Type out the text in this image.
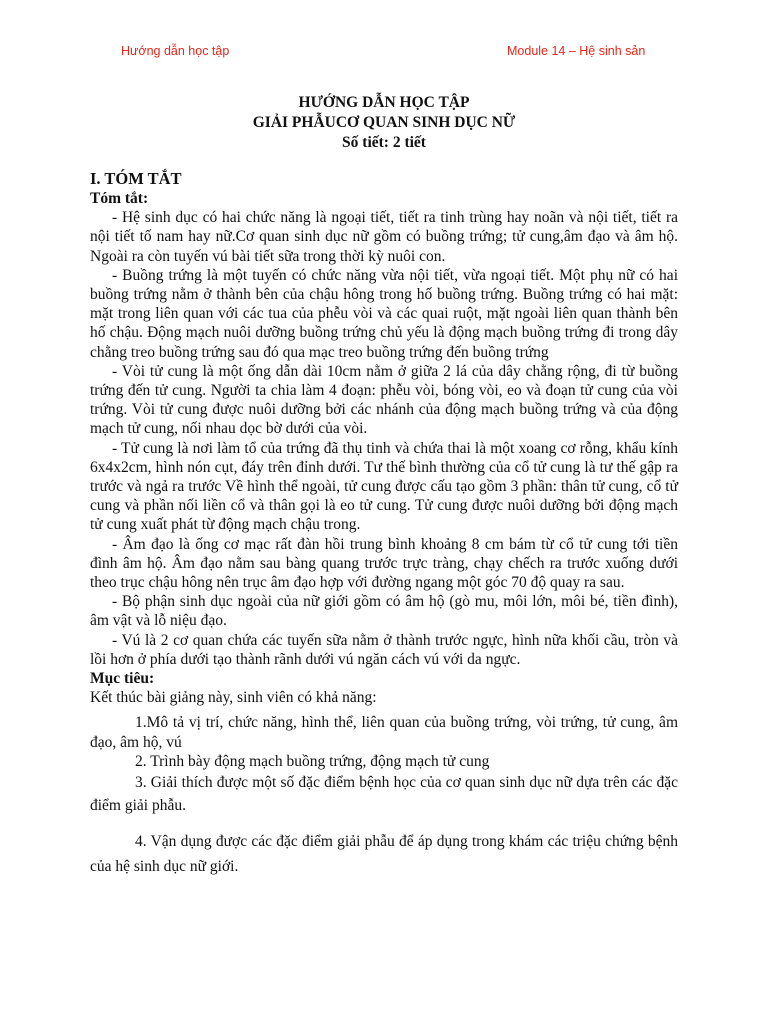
Hướng dẫn học tập	Module 14 – Hệ sinh sản
HƯỚNG DẪN HỌC TẬP
GIẢI PHẪUCƠ QUAN SINH DỤC NỮ
Số tiết: 2 tiết

I. TÓM TẮT

Tóm tắt:

- Hệ sinh dục có hai chức năng là ngoại tiết, tiết ra tinh trùng hay noãn và nội tiết, tiết ra nội tiết tố nam hay nữ.Cơ quan sinh dục nữ gồm có buồng trứng; tử cung,âm đạo và âm hộ. Ngoài ra còn tuyến vú bài tiết sữa trong thời kỳ nuôi con.

- Buồng trứng là một tuyến có chức năng vừa nội tiết, vừa ngoại tiết. Một phụ nữ có hai buồng trứng nằm ở thành bên của chậu hông trong hố buồng trứng. Buồng trứng có hai mặt: mặt trong liên quan với các tua của phễu vòi và các quai ruột, mặt ngoài liên quan thành bên hố chậu. Động mạch nuôi dưỡng buồng trứng chủ yếu là động mạch buồng trứng đi trong dây chằng treo buồng trứng sau đó qua mạc treo buồng trứng đến buồng trứng

- Vòi tử cung là một ống dẫn dài 10cm nằm ở giữa 2 lá của dây chằng rộng, đi từ buồng trứng đến tử cung. Người ta chia làm 4 đoạn: phễu vòi, bóng vòi, eo và đoạn tử cung của vòi trứng. Vòi tử cung được nuôi dưỡng bởi các nhánh của động mạch buồng trứng và của động mạch tử cung, nối nhau dọc bờ dưới của vòi.

- Tử cung là nơi làm tổ của trứng đã thụ tinh và chứa thai là một xoang cơ rỗng, khẩu kính 6x4x2cm, hình nón cụt, đáy trên đỉnh dưới. Tư thế bình thường của cổ tử cung là tư thế gập ra trước và ngả ra trước Về hình thể ngoài, tử cung được cấu tạo gồm 3 phần: thân tử cung, cổ tử cung và phần nối liền cổ và thân gọi là eo tử cung. Tử cung được nuôi dưỡng bởi động mạch tử cung xuất phát từ động mạch chậu trong.

- Âm đạo là ống cơ mạc rất đàn hồi trung bình khoảng 8 cm bám từ cổ tử cung tới tiền đình âm hộ. Âm đạo nằm sau bàng quang trước trực tràng, chạy chếch ra trước xuống dưới theo trục chậu hông nên trục âm đạo hợp với đường ngang một góc 70 độ quay ra sau.

- Bộ phận sinh dục ngoài của nữ giới gồm có âm hộ (gò mu, môi lớn, môi bé, tiền đình), âm vật và lỗ niệu đạo.

- Vú là 2 cơ quan chứa các tuyến sữa nằm ở thành trước ngực, hình nữa khối cầu, tròn và lồi hơn ở phía dưới tạo thành rãnh dưới vú ngăn cách vú với da ngực.

Mục tiêu:

Kết thúc bài giảng này, sinh viên có khả năng:

1.Mô tả vị trí, chức năng, hình thể, liên quan của buồng trứng, vòi trứng, tử cung, âm đạo, âm hộ, vú

2. Trình bày động mạch buồng trứng, động mạch tử cung

3. Giải thích được một số đặc điểm bệnh học của cơ quan sinh dục nữ dựa trên các đặc điểm giải phẫu.

4. Vận dụng được các đặc điểm giải phẫu để áp dụng trong khám các triệu chứng bệnh của hệ sinh dục nữ giới.
